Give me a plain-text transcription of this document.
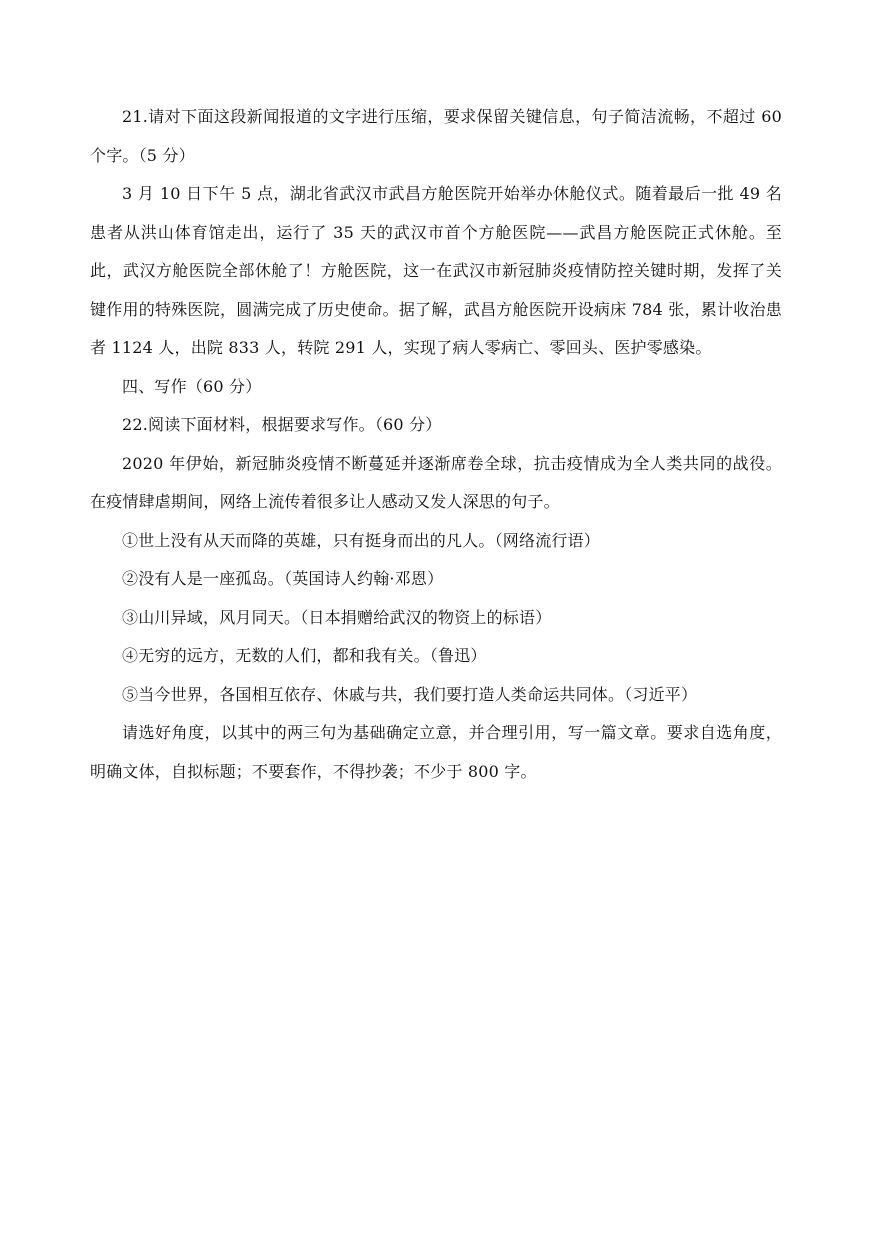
21.请对下面这段新闻报道的文字进行压缩，要求保留关键信息，句子简洁流畅，不超过 60 个字。（5 分）

3 月 10 日下午 5 点，湖北省武汉市武昌方舱医院开始举办休舱仪式。随着最后一批 49 名患者从洪山体育馆走出，运行了 35 天的武汉市首个方舱医院——武昌方舱医院正式休舱。至此，武汉方舱医院全部休舱了！方舱医院，这一在武汉市新冠肺炎疫情防控关键时期，发挥了关键作用的特殊医院，圆满完成了历史使命。据了解，武昌方舱医院开设病床 784 张，累计收治患者 1124 人，出院 833 人，转院 291 人，实现了病人零病亡、零回头、医护零感染。

四、写作（60 分）

22.阅读下面材料，根据要求写作。（60 分）

2020 年伊始，新冠肺炎疫情不断蔓延并逐渐席卷全球，抗击疫情成为全人类共同的战役。在疫情肆虐期间，网络上流传着很多让人感动又发人深思的句子。

①世上没有从天而降的英雄，只有挺身而出的凡人。（网络流行语）

②没有人是一座孤岛。（英国诗人约翰·邓恩）

③山川异域，风月同天。（日本捐赠给武汉的物资上的标语）

④无穷的远方，无数的人们，都和我有关。（鲁迅）

⑤当今世界，各国相互依存、休戚与共，我们要打造人类命运共同体。（习近平）

请选好角度，以其中的两三句为基础确定立意，并合理引用，写一篇文章。要求自选角度，明确文体，自拟标题；不要套作，不得抄袭；不少于 800 字。
